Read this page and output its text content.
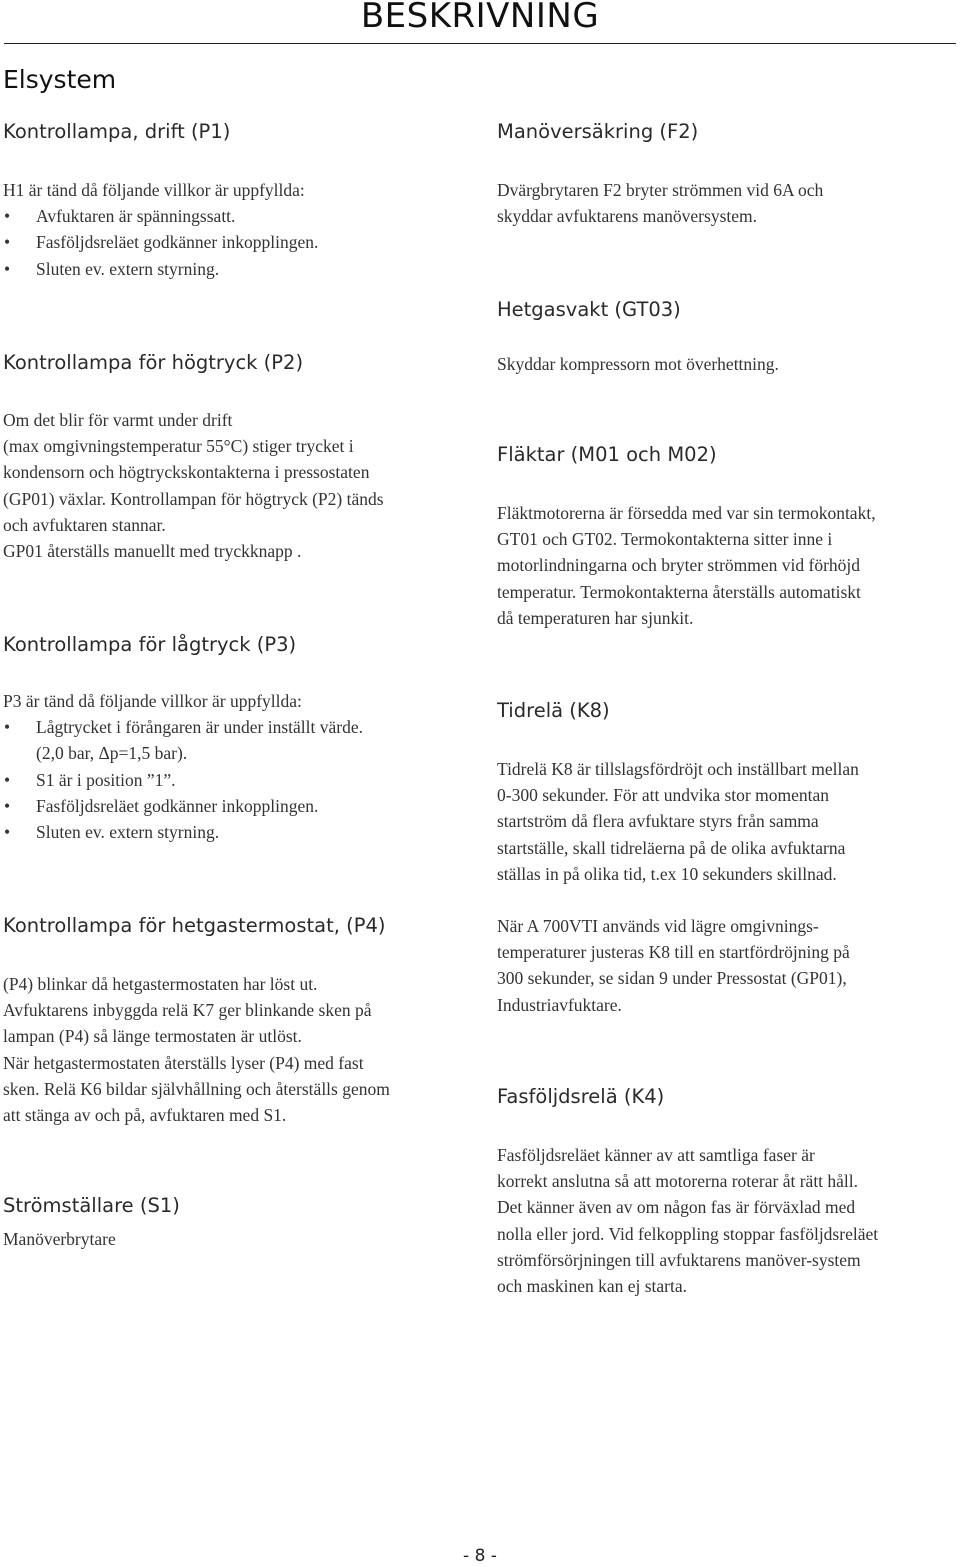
BESKRIVNING
Elsystem
Kontrollampa, drift (P1)
H1 är tänd då följande villkor är uppfyllda:
• Avfuktaren är spänningssatt.
• Fasföljdsreläet godkänner inkopplingen.
• Sluten ev. extern styrning.
Kontrollampa för högtryck (P2)
Om det blir för varmt under drift
(max omgivningstemperatur 55°C) stiger trycket i
kondensorn och högtryckskontakterna i pressostaten
(GP01) växlar. Kontrollampan för högtryck (P2) tänds
och avfuktaren stannar.
GP01 återställs manuellt med tryckknapp .
Kontrollampa för lågtryck (P3)
P3 är tänd då följande villkor är uppfyllda:
• Lågtrycket i förångaren är under inställt värde.
(2,0 bar, Δp=1,5 bar).
• S1 är i position ”1”.
• Fasföljdsreläet godkänner inkopplingen.
• Sluten ev. extern styrning.
Kontrollampa för hetgastermostat, (P4)
(P4) blinkar då hetgastermostaten har löst ut.
Avfuktarens inbyggda relä K7 ger blinkande sken på
lampan (P4) så länge termostaten är utlöst.
När hetgastermostaten återställs lyser (P4) med fast
sken. Relä K6 bildar självhållning och återställs genom
att stänga av och på, avfuktaren med S1.
Strömställare (S1)
Manöverbrytare
Manöversäkring (F2)
Dvärgbrytaren F2 bryter strömmen vid 6A och
skyddar avfuktarens manöversystem.
Hetgasvakt (GT03)
Skyddar kompressorn mot överhettning.
Fläktar (M01 och M02)
Fläktmotorerna är försedda med var sin termokontakt,
GT01 och GT02. Termokontakterna sitter inne i
motorlindningarna och bryter strömmen vid förhöjd
temperatur. Termokontakterna återställs automatiskt
då temperaturen har sjunkit.
Tidrelä (K8)
Tidrelä K8 är tillslagsfördröjt och inställbart mellan
0-300 sekunder. För att undvika stor momentan
startström då flera avfuktare styrs från samma
startställe, skall tidreläerna på de olika avfuktarna
ställas in på olika tid, t.ex 10 sekunders skillnad.
När A 700VTI används vid lägre omgivnings-
temperaturer justeras K8 till en startfördröjning på
300 sekunder, se sidan 9 under Pressostat (GP01),
Industriavfuktare.
Fasföljdsrelä (K4)
Fasföljdsreläet känner av att samtliga faser är
korrekt anslutna så att motorerna roterar åt rätt håll.
Det känner även av om någon fas är förväxlad med
nolla eller jord. Vid felkoppling stoppar fasföljdsreläet
strömförsörjningen till avfuktarens manöver-system
och maskinen kan ej starta.
- 8 -
